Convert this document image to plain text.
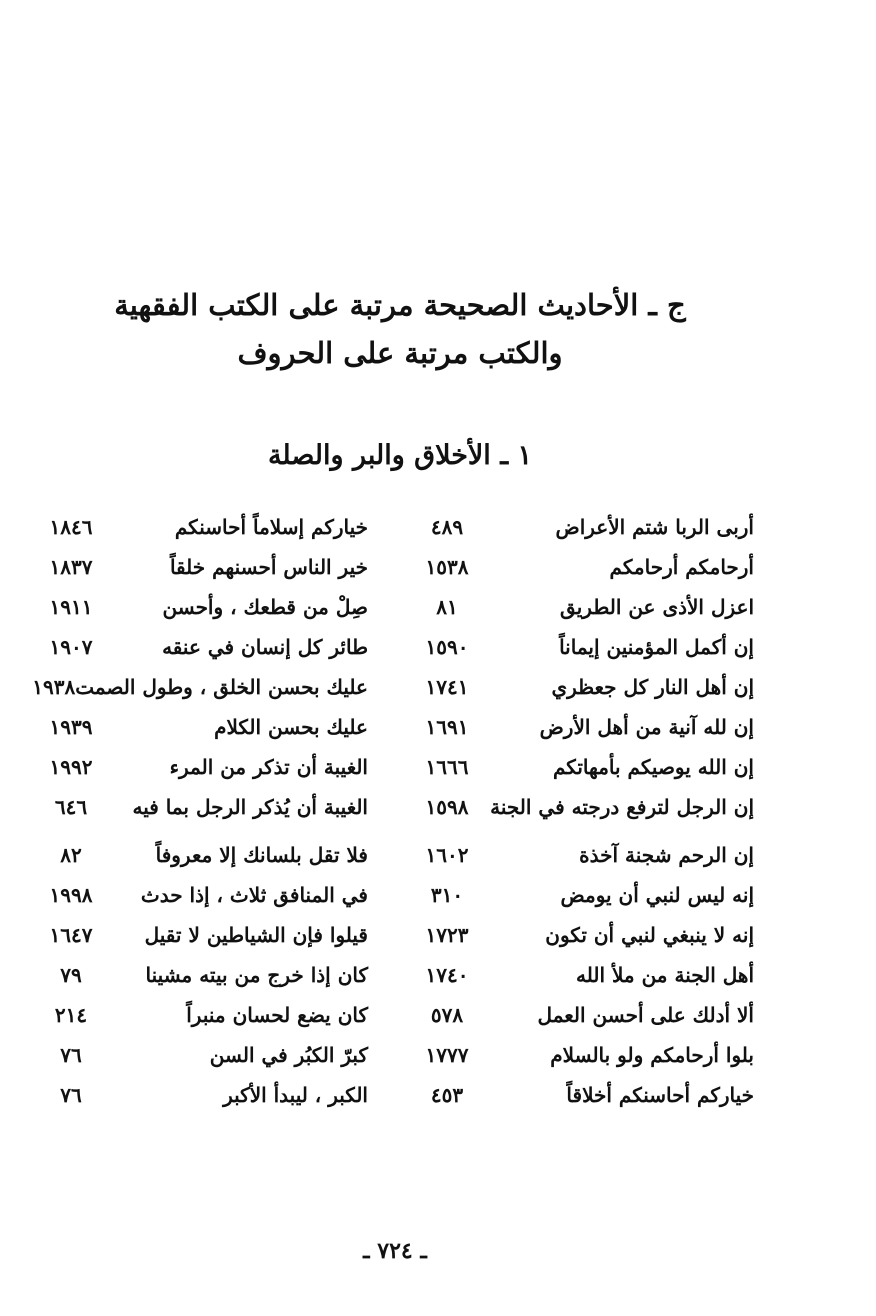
ج ـ الأحاديث الصحيحة مرتبة على الكتب الفقهية
والكتب مرتبة على الحروف
١ ـ الأخلاق والبر والصلة
أربى الربا شتم الأعراض
٤٨٩
خياركم إسلاماً أحاسنكم
١٨٤٦
أرحامكم أرحامكم
١٥٣٨
خير الناس أحسنهم خلقاً
١٨٣٧
اعزل الأذى عن الطريق
٨١
صِلْ من قطعك ، وأحسن
١٩١١
إن أكمل المؤمنين إيماناً
١٥٩٠
طائر كل إنسان في عنقه
١٩٠٧
إن أهل النار كل جعظري
١٧٤١
عليك بحسن الخلق ، وطول الصمت١٩٣٨
إن لله آنية من أهل الأرض
١٦٩١
عليك بحسن الكلام
١٩٣٩
إن الله يوصيكم بأمهاتكم
١٦٦٦
الغيبة أن تذكر من المرء
١٩٩٢
إن الرجل لترفع درجته في الجنة
١٥٩٨
الغيبة أن يُذكر الرجل بما فيه
٦٤٦
إن الرحم شجنة آخذة
١٦٠٢
فلا تقل بلسانك إلا معروفاً
٨٢
إنه ليس لنبي أن يومض
٣١٠
في المنافق ثلاث ، إذا حدث
١٩٩٨
إنه لا ينبغي لنبي أن تكون
١٧٢٣
قيلوا فإن الشياطين لا تقيل
١٦٤٧
أهل الجنة من ملأ الله
١٧٤٠
كان إذا خرج من بيته مشينا
٧٩
ألا أدلك على أحسن العمل
٥٧٨
كان يضع لحسان منبراً
٢١٤
بلوا أرحامكم ولو بالسلام
١٧٧٧
كبرّ الكبُر في السن
٧٦
خياركم أحاسنكم أخلاقاً
٤٥٣
الكبر ، ليبدأ الأكبر
٧٦
ـ ٧٢٤ ـ
